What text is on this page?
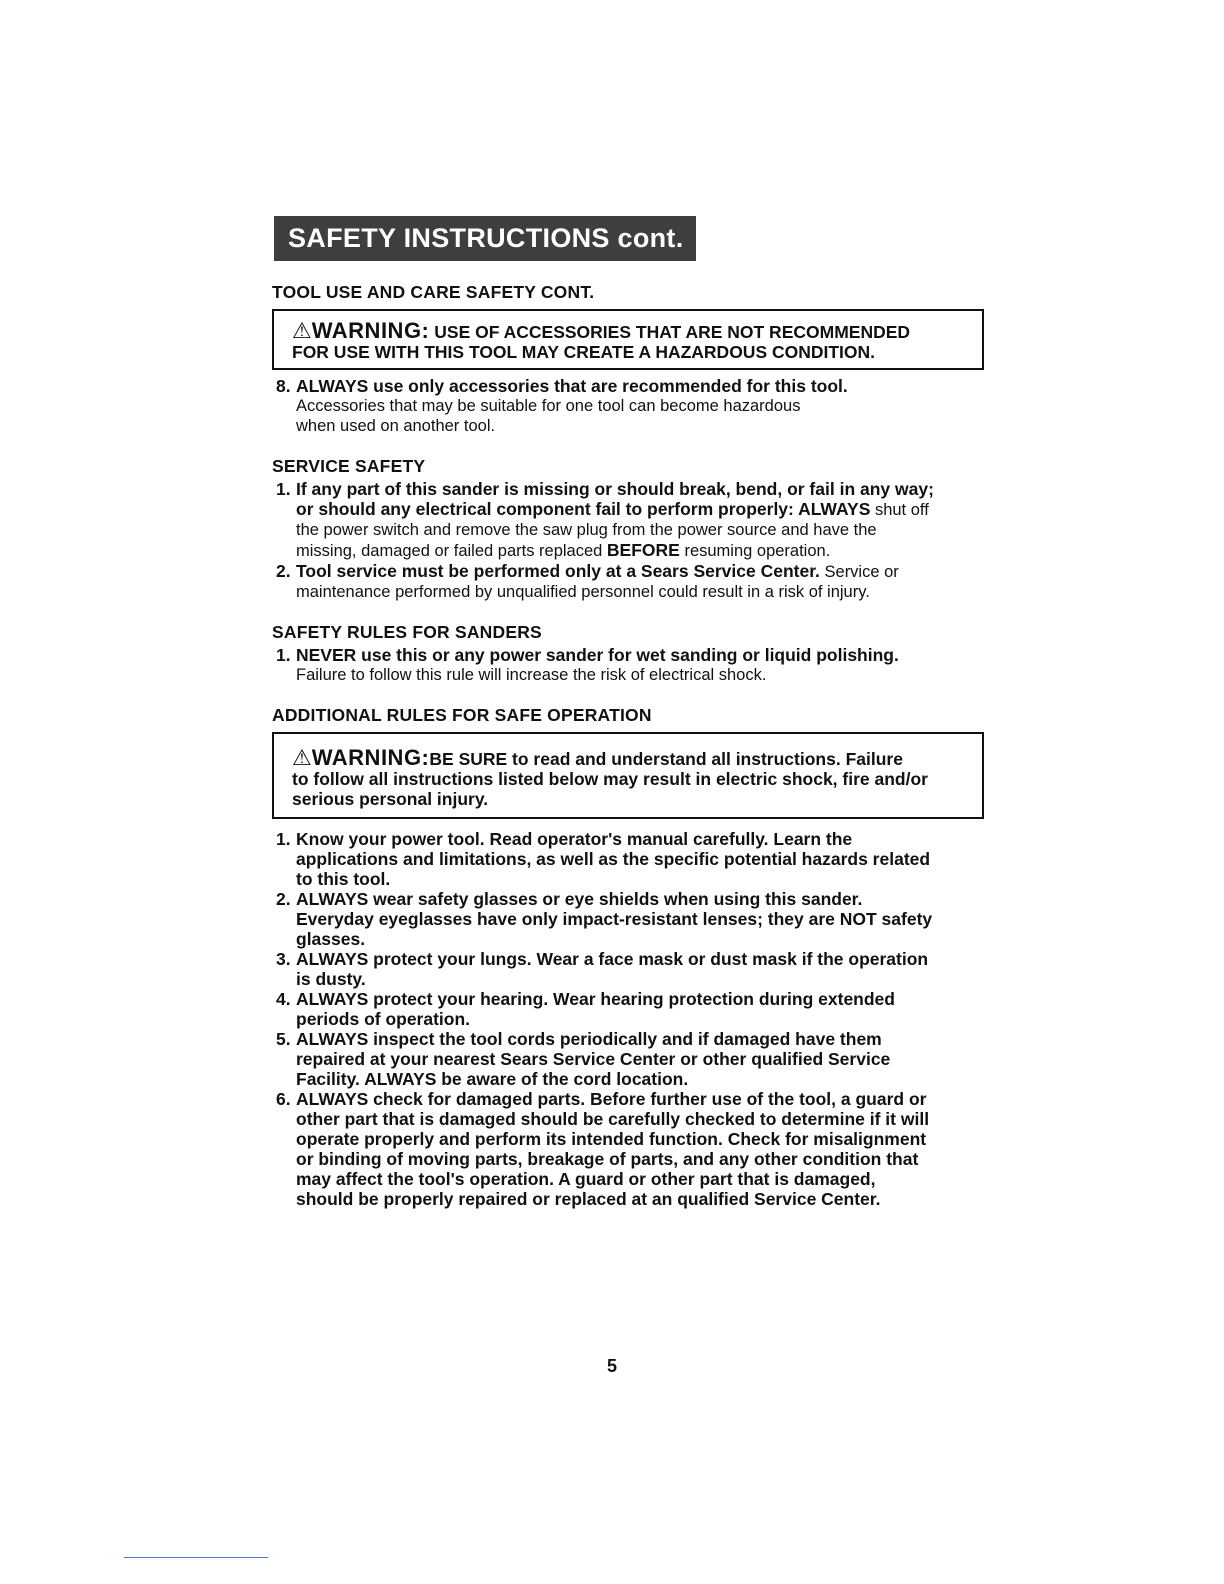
SAFETY INSTRUCTIONS cont.
TOOL USE AND CARE SAFETY CONT.
⚠WARNING: USE OF ACCESSORIES THAT ARE NOT RECOMMENDED
FOR USE WITH THIS TOOL MAY CREATE A HAZARDOUS CONDITION.
8. ALWAYS use only accessories that are recommended for this tool.
Accessories that may be suitable for one tool can become hazardous
when used on another tool.
SERVICE SAFETY
1. If any part of this sander is missing or should break, bend, or fail in any way;
or should any electrical component fail to perform properly: ALWAYS shut off
the power switch and remove the saw plug from the power source and have the
missing, damaged or failed parts replaced BEFORE resuming operation.
2. Tool service must be performed only at a Sears Service Center. Service or
maintenance performed by unqualified personnel could result in a risk of injury.
SAFETY RULES FOR SANDERS
1. NEVER use this or any power sander for wet sanding or liquid polishing.
Failure to follow this rule will increase the risk of electrical shock.
ADDITIONAL RULES FOR SAFE OPERATION
⚠WARNING:BE SURE to read and understand all instructions. Failure
to follow all instructions listed below may result in electric shock, fire and/or
serious personal injury.
1. Know your power tool. Read operator's manual carefully. Learn the
applications and limitations, as well as the specific potential hazards related
to this tool.
2. ALWAYS wear safety glasses or eye shields when using this sander.
Everyday eyeglasses have only impact-resistant lenses; they are NOT safety
glasses.
3. ALWAYS protect your lungs. Wear a face mask or dust mask if the operation
is dusty.
4. ALWAYS protect your hearing. Wear hearing protection during extended
periods of operation.
5. ALWAYS inspect the tool cords periodically and if damaged have them
repaired at your nearest Sears Service Center or other qualified Service
Facility. ALWAYS be aware of the cord location.
6. ALWAYS check for damaged parts. Before further use of the tool, a guard or
other part that is damaged should be carefully checked to determine if it will
operate properly and perform its intended function. Check for misalignment
or binding of moving parts, breakage of parts, and any other condition that
may affect the tool's operation. A guard or other part that is damaged,
should be properly repaired or replaced at an qualified Service Center.
5
